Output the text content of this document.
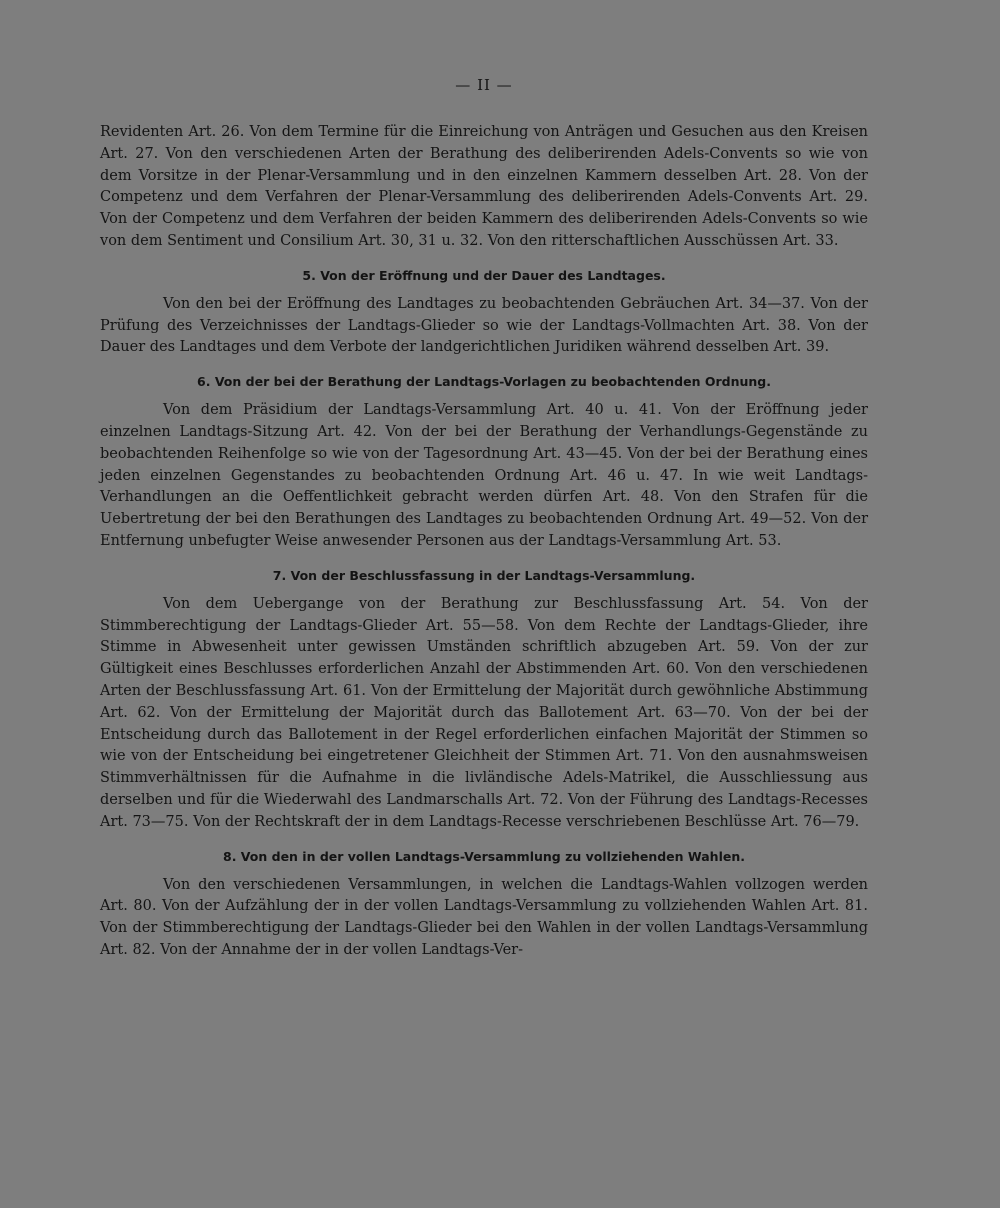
— II —

Revidenten Art. 26. Von dem Termine für die Einreichung von Anträgen und Gesuchen aus den Kreisen Art. 27. Von den verschiedenen Arten der Berathung des deliberirenden Adels-Convents so wie von dem Vorsitze in der Plenar-Versammlung und in den einzelnen Kammern desselben Art. 28. Von der Competenz und dem Verfahren der Plenar-Versammlung des deliberirenden Adels-Convents Art. 29. Von der Competenz und dem Verfahren der beiden Kammern des deliberirenden Adels-Convents so wie von dem Sentiment und Consilium Art. 30, 31 u. 32. Von den ritterschaftlichen Ausschüssen Art. 33.

5. Von der Eröffnung und der Dauer des Landtages.

Von den bei der Eröffnung des Landtages zu beobachtenden Gebräuchen Art. 34—37. Von der Prüfung des Verzeichnisses der Landtags-Glieder so wie der Landtags-Vollmachten Art. 38. Von der Dauer des Landtages und dem Verbote der landgerichtlichen Juridiken während desselben Art. 39.

6. Von der bei der Berathung der Landtags-Vorlagen zu beobachtenden Ordnung.

Von dem Präsidium der Landtags-Versammlung Art. 40 u. 41. Von der Eröffnung jeder einzelnen Landtags-Sitzung Art. 42. Von der bei der Berathung der Verhandlungs-Gegenstände zu beobachtenden Reihenfolge so wie von der Tagesordnung Art. 43—45. Von der bei der Berathung eines jeden einzelnen Gegenstandes zu beobachtenden Ordnung Art. 46 u. 47. In wie weit Landtags-Verhandlungen an die Oeffentlichkeit gebracht werden dürfen Art. 48. Von den Strafen für die Uebertretung der bei den Berathungen des Landtages zu beobachtenden Ordnung Art. 49—52. Von der Entfernung unbefugter Weise anwesender Personen aus der Landtags-Versammlung Art. 53.

7. Von der Beschlussfassung in der Landtags-Versammlung.

Von dem Uebergange von der Berathung zur Beschlussfassung Art. 54. Von der Stimmberechtigung der Landtags-Glieder Art. 55—58. Von dem Rechte der Landtags-Glieder, ihre Stimme in Abwesenheit unter gewissen Umständen schriftlich abzugeben Art. 59. Von der zur Gültigkeit eines Beschlusses erforderlichen Anzahl der Abstimmenden Art. 60. Von den verschiedenen Arten der Beschlussfassung Art. 61. Von der Ermittelung der Majorität durch gewöhnliche Abstimmung Art. 62. Von der Ermittelung der Majorität durch das Ballotement Art. 63—70. Von der bei der Entscheidung durch das Ballotement in der Regel erforderlichen einfachen Majorität der Stimmen so wie von der Entscheidung bei eingetretener Gleichheit der Stimmen Art. 71. Von den ausnahmsweisen Stimmverhältnissen für die Aufnahme in die livländische Adels-Matrikel, die Ausschliessung aus derselben und für die Wiederwahl des Landmarschalls Art. 72. Von der Führung des Landtags-Recesses Art. 73—75. Von der Rechtskraft der in dem Landtags-Recesse verschriebenen Beschlüsse Art. 76—79.

8. Von den in der vollen Landtags-Versammlung zu vollziehenden Wahlen.

Von den verschiedenen Versammlungen, in welchen die Landtags-Wahlen vollzogen werden Art. 80. Von der Aufzählung der in der vollen Landtags-Versammlung zu vollziehenden Wahlen Art. 81. Von der Stimmberechtigung der Landtags-Glieder bei den Wahlen in der vollen Landtags-Versammlung Art. 82. Von der Annahme der in der vollen Landtags-Ver-
